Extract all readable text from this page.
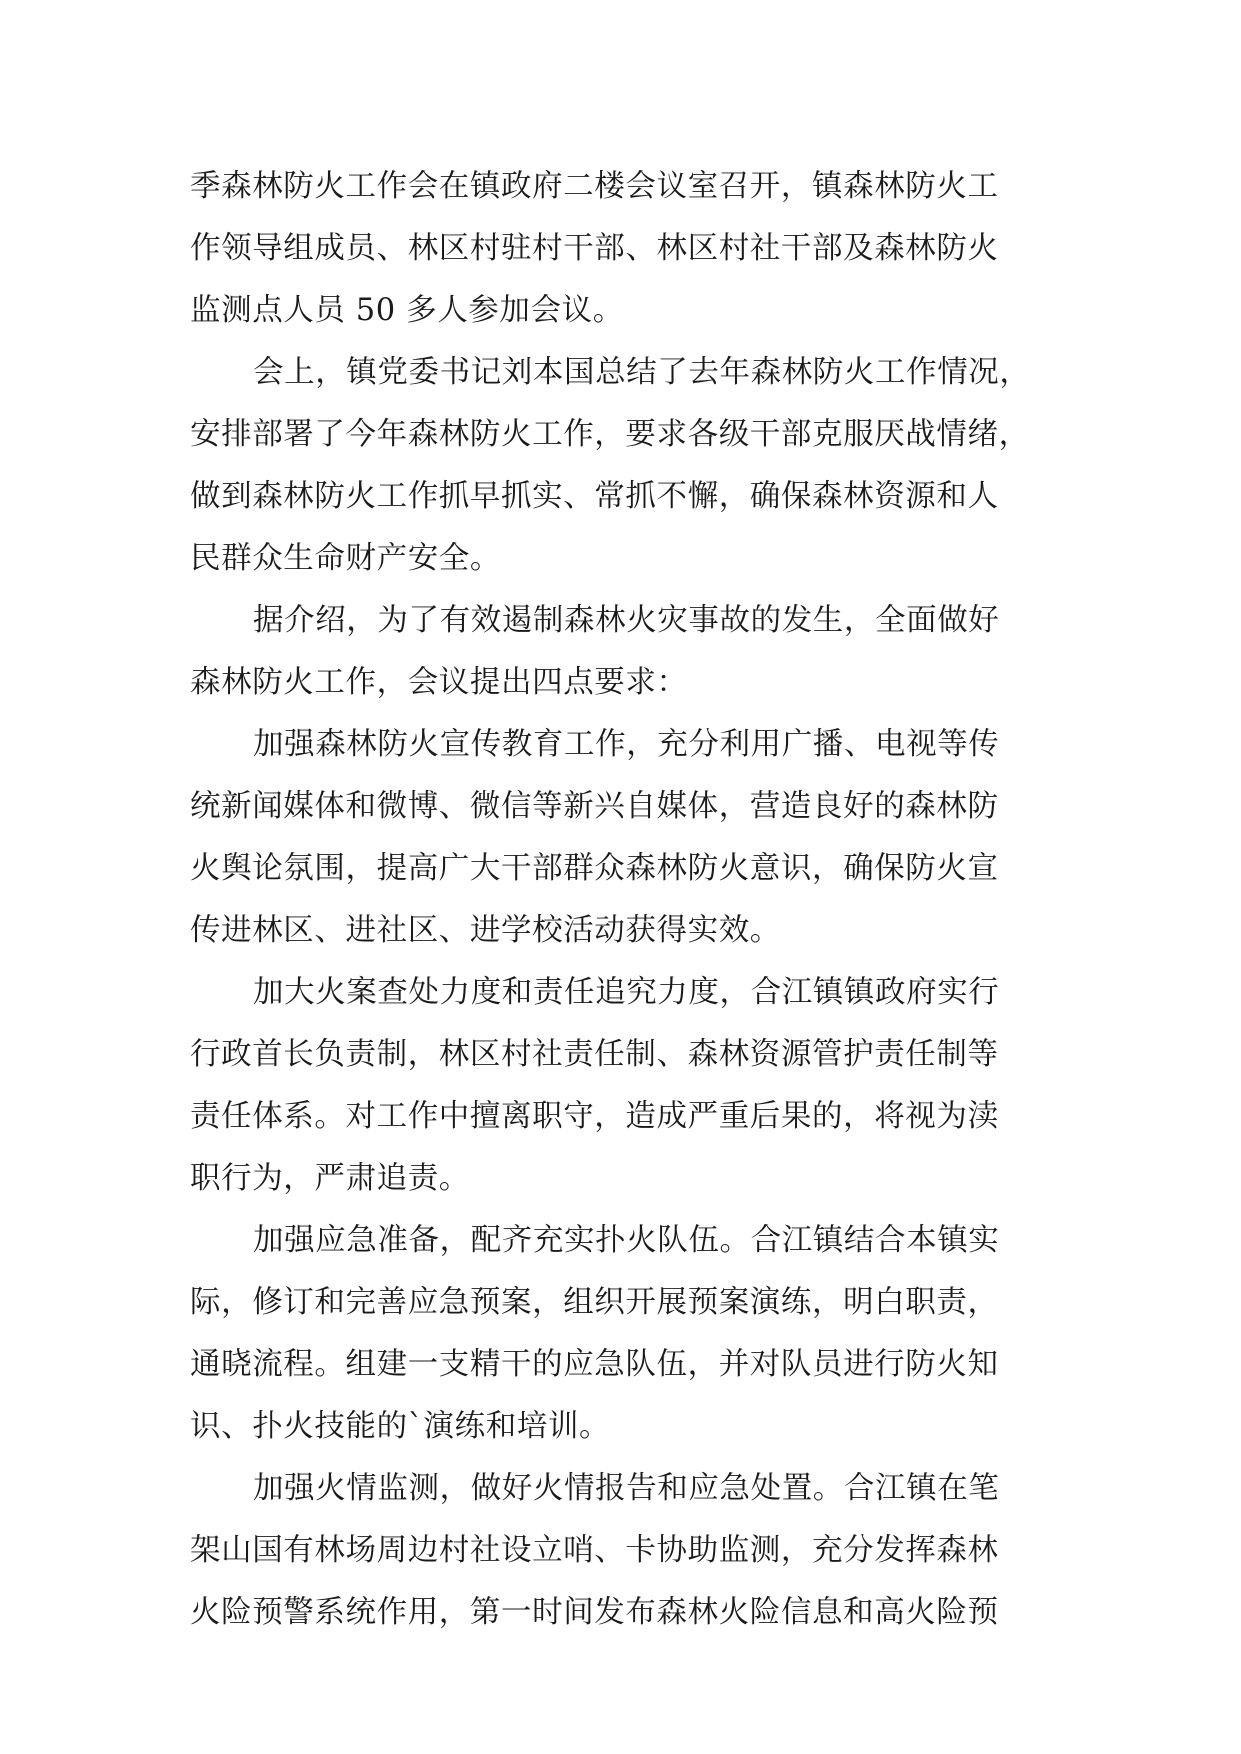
季森林防火工作会在镇政府二楼会议室召开，镇森林防火工
作领导组成员、林区村驻村干部、林区村社干部及森林防火
监测点人员 50 多人参加会议。
会上，镇党委书记刘本国总结了去年森林防火工作情况，
安排部署了今年森林防火工作，要求各级干部克服厌战情绪，
做到森林防火工作抓早抓实、常抓不懈，确保森林资源和人
民群众生命财产安全。
据介绍，为了有效遏制森林火灾事故的发生，全面做好
森林防火工作，会议提出四点要求：
加强森林防火宣传教育工作，充分利用广播、电视等传
统新闻媒体和微博、微信等新兴自媒体，营造良好的森林防
火舆论氛围，提高广大干部群众森林防火意识，确保防火宣
传进林区、进社区、进学校活动获得实效。
加大火案查处力度和责任追究力度，合江镇镇政府实行
行政首长负责制，林区村社责任制、森林资源管护责任制等
责任体系。对工作中擅离职守，造成严重后果的，将视为渎
职行为，严肃追责。
加强应急准备，配齐充实扑火队伍。合江镇结合本镇实
际，修订和完善应急预案，组织开展预案演练，明白职责，
通晓流程。组建一支精干的应急队伍，并对队员进行防火知
识、扑火技能的`演练和培训。
加强火情监测，做好火情报告和应急处置。合江镇在笔
架山国有林场周边村社设立哨、卡协助监测，充分发挥森林
火险预警系统作用，第一时间发布森林火险信息和高火险预
